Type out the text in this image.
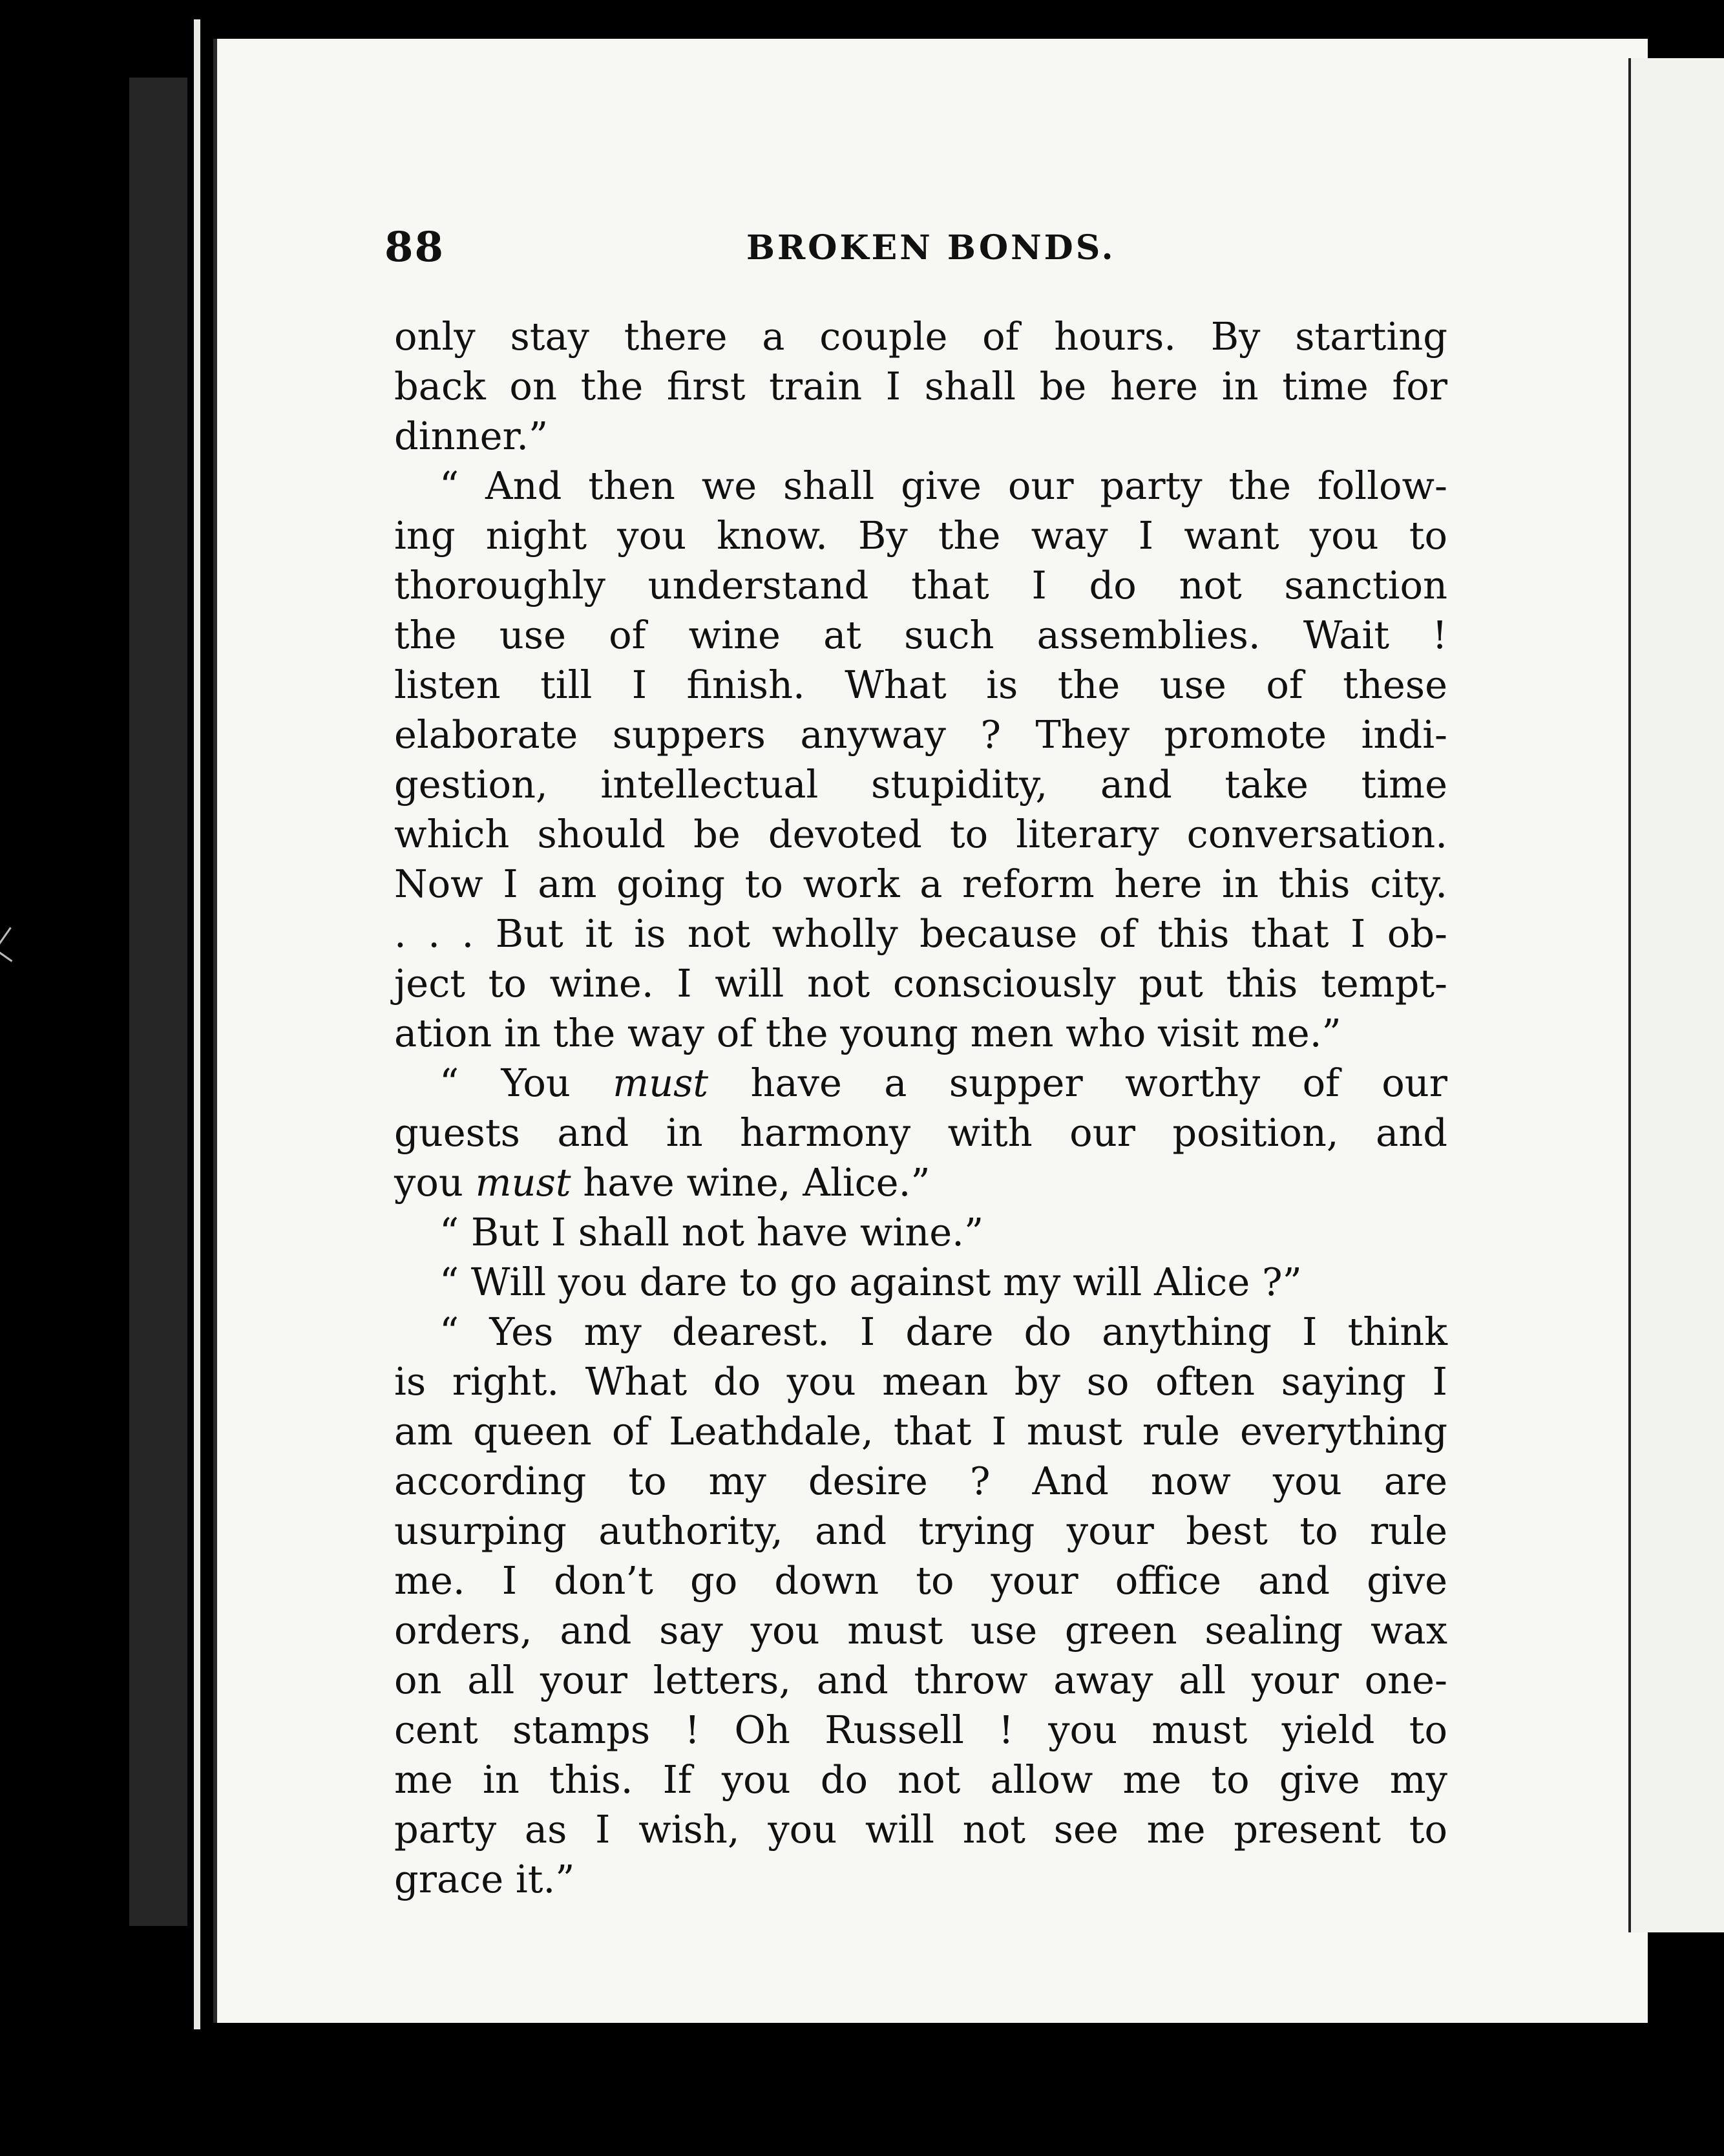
88	BROKEN BONDS.
only stay there a couple of hours. By starting
back on the first train I shall be here in time for
dinner.”
“ And then we shall give our party the follow-
ing night you know. By the way I want you to
thoroughly understand that I do not sanction
the use of wine at such assemblies. Wait !
listen till I finish. What is the use of these
elaborate suppers anyway ? They promote indi-
gestion, intellectual stupidity, and take time
which should be devoted to literary conversation.
Now I am going to work a reform here in this city.
. . . But it is not wholly because of this that I ob-
ject to wine. I will not consciously put this tempt-
ation in the way of the young men who visit me.”
“ You must have a supper worthy of our
guests and in harmony with our position, and
you must have wine, Alice.”
“ But I shall not have wine.”
“ Will you dare to go against my will Alice ?”
“ Yes my dearest. I dare do anything I think
is right. What do you mean by so often saying I
am queen of Leathdale, that I must rule everything
according to my desire ? And now you are
usurping authority, and trying your best to rule
me. I don’t go down to your office and give
orders, and say you must use green sealing wax
on all your letters, and throw away all your one-
cent stamps ! Oh Russell ! you must yield to
me in this. If you do not allow me to give my
party as I wish, you will not see me present to
grace it.”
